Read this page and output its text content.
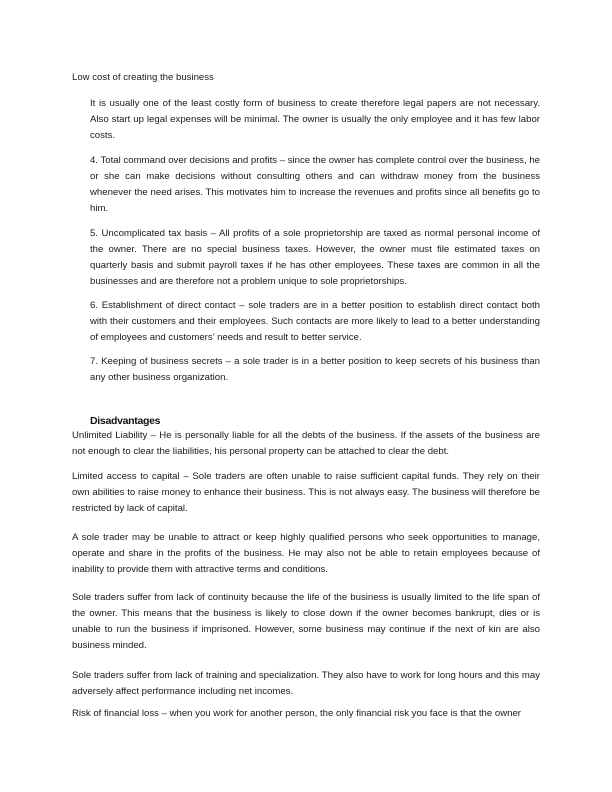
Low cost of creating the business

It is usually one of the least costly form of business to create therefore legal papers are not necessary. Also start up legal expenses will be minimal. The owner is usually the only employee and it has few labor costs.

4. Total command over decisions and profits – since the owner has complete control over the business, he or she can make decisions without consulting others and can withdraw money from the business whenever the need arises. This motivates him to increase the revenues and profits since all benefits go to him.

5. Uncomplicated tax basis – All profits of a sole proprietorship are taxed as normal personal income of the owner. There are no special business taxes. However, the owner must file estimated taxes on quarterly basis and submit payroll taxes if he has other employees. These taxes are common in all the businesses and are therefore not a problem unique to sole proprietorships.

6. Establishment of direct contact – sole traders are in a better position to establish direct contact both with their customers and their employees. Such contacts are more likely to lead to a better understanding of employees and customers’ needs and result to better service.

7. Keeping of business secrets – a sole trader is in a better position to keep secrets of his business than any other business organization.

Disadvantages

Unlimited Liability – He is personally liable for all the debts of the business. If the assets of the business are not enough to clear the liabilities, his personal property can be attached to clear the debt.

Limited access to capital – Sole traders are often unable to raise sufficient capital funds. They rely on their own abilities to raise money to enhance their business. This is not always easy. The business will therefore be restricted by lack of capital.

A sole trader may be unable to attract or keep highly qualified persons who seek opportunities to manage, operate and share in the profits of the business. He may also not be able to retain employees because of inability to provide them with attractive terms and conditions.

Sole traders suffer from lack of continuity because the life of the business is usually limited to the life span of the owner. This means that the business is likely to close down if the owner becomes bankrupt, dies or is unable to run the business if imprisoned. However, some business may continue if the next of kin are also business minded.

Sole traders suffer from lack of training and specialization. They also have to work for long hours and this may adversely affect performance including net incomes.

Risk of financial loss – when you work for another person, the only financial risk you face is that the owner
